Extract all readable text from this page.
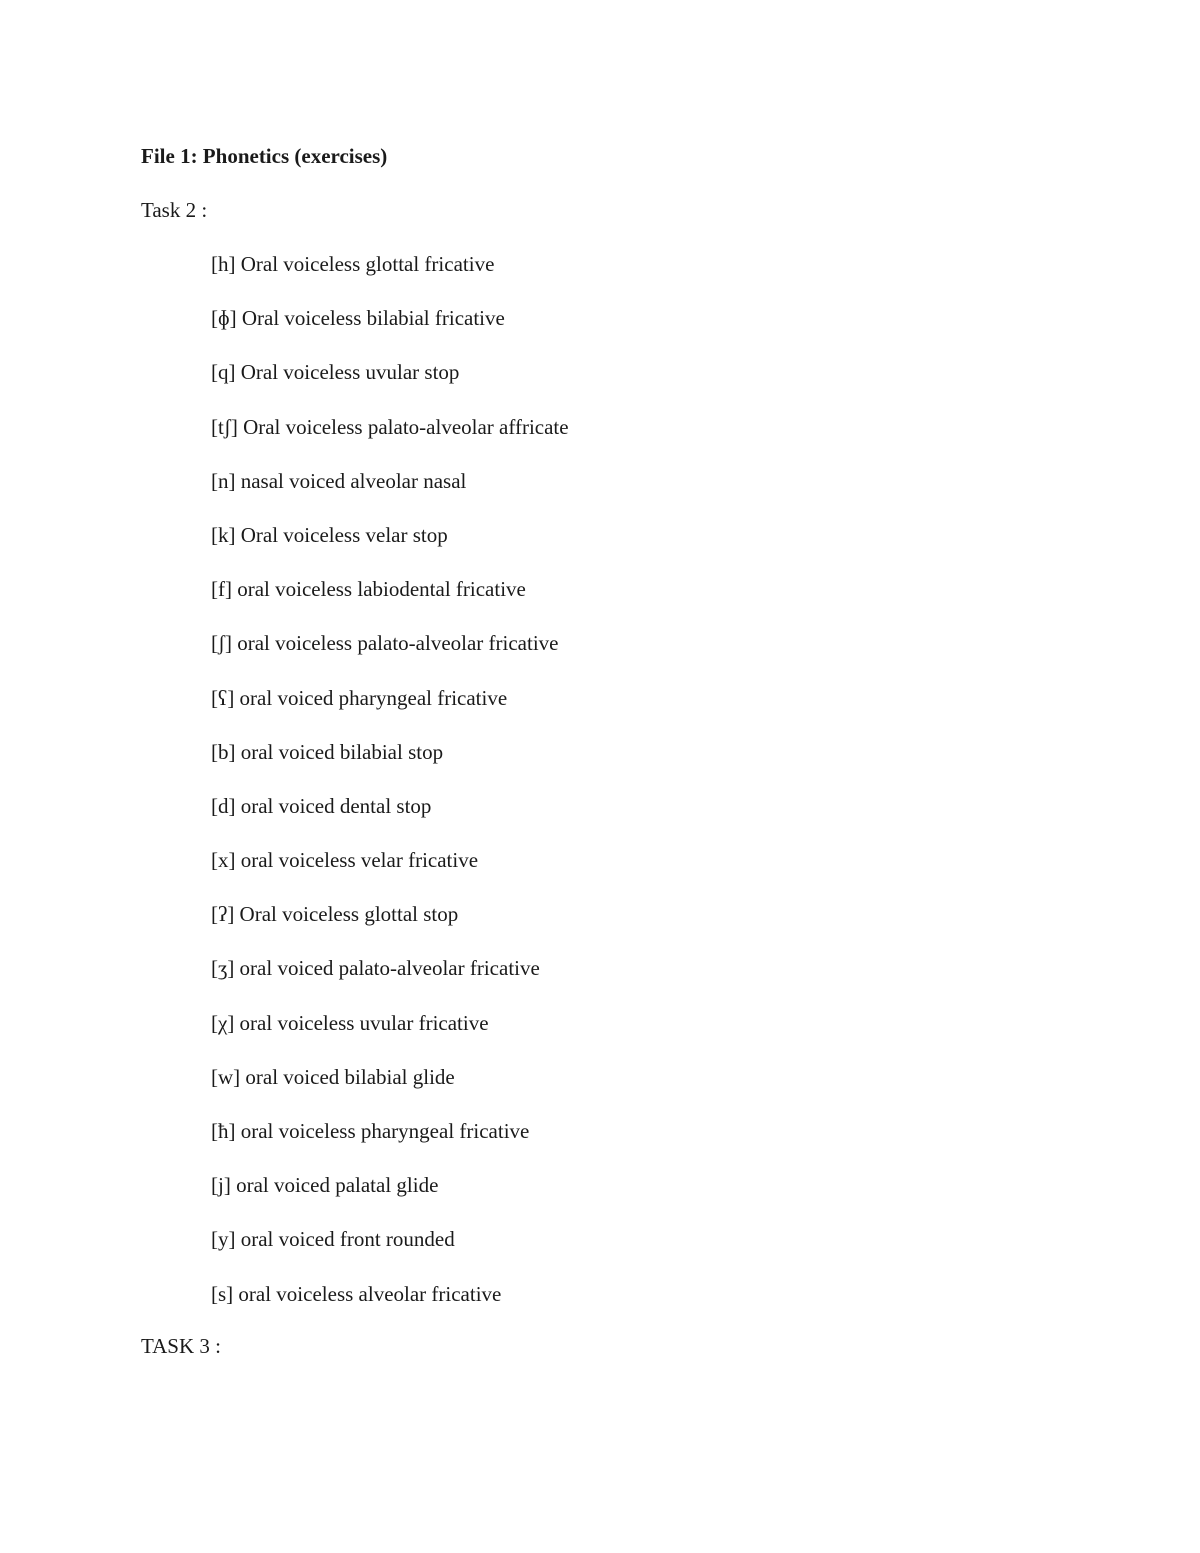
File 1: Phonetics (exercises)
Task 2 :
[h] Oral voiceless glottal fricative
[ɸ] Oral voiceless bilabial fricative
[q] Oral voiceless uvular stop
[tʃ] Oral voiceless palato-alveolar affricate
[n] nasal voiced alveolar nasal
[k] Oral voiceless velar stop
[f] oral voiceless labiodental fricative
[ʃ] oral voiceless palato-alveolar fricative
[ʕ] oral voiced pharyngeal fricative
[b] oral voiced bilabial stop
[d] oral voiced dental stop
[x] oral voiceless velar fricative
[ʔ] Oral voiceless glottal stop
[ʒ] oral voiced palato-alveolar fricative
[χ] oral voiceless uvular fricative
[w] oral voiced bilabial glide
[ħ] oral voiceless pharyngeal fricative
[j] oral voiced palatal glide
[y] oral voiced front rounded
[s] oral voiceless alveolar fricative
TASK 3 :
